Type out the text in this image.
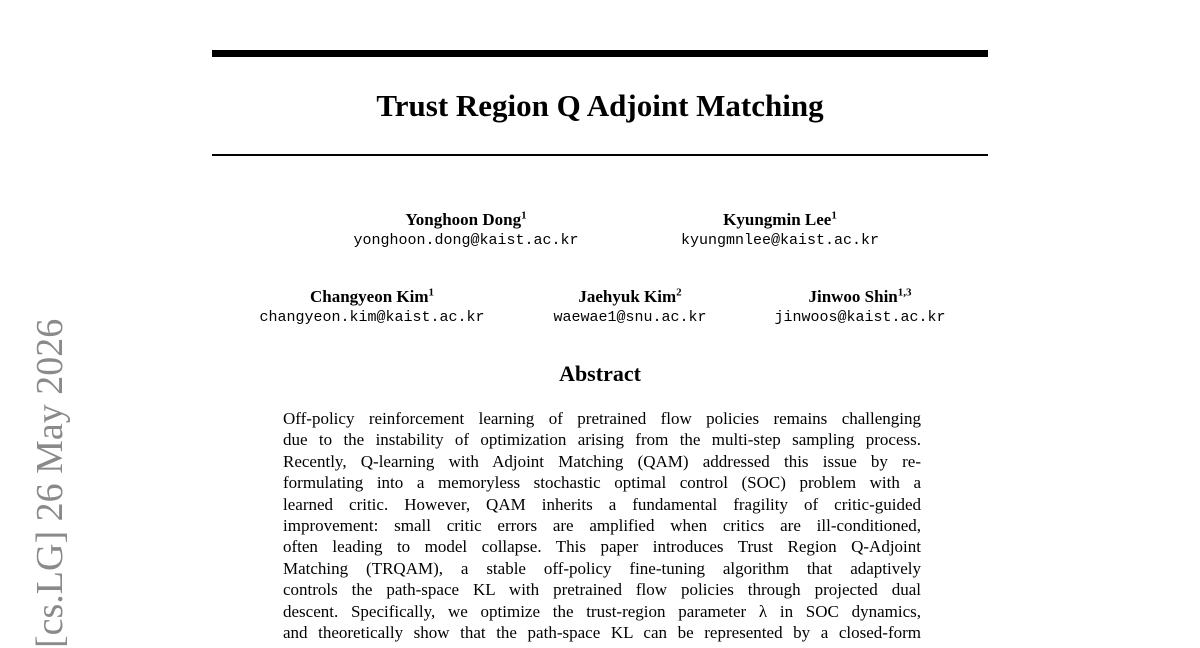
Trust Region Q Adjoint Matching
Yonghoon Dong$^1$
yonghoon.dong@kaist.ac.kr
Kyungmin Lee$^1$
kyungmnlee@kaist.ac.kr
Changyeon Kim$^1$
changyeon.kim@kaist.ac.kr
Jaehyuk Kim$^2$
waewae1@snu.ac.kr
Jinwoo Shin$^{1,3}$
jinwoos@kaist.ac.kr
Abstract
Off-policy reinforcement learning of pretrained flow policies remains challenging
due to the instability of optimization arising from the multi-step sampling process.
Recently, Q-learning with Adjoint Matching (QAM) addressed this issue by re-
formulating into a memoryless stochastic optimal control (SOC) problem with a
learned critic. However, QAM inherits a fundamental fragility of critic-guided
improvement: small critic errors are amplified when critics are ill-conditioned,
often leading to model collapse. This paper introduces Trust Region Q-Adjoint
Matching (TRQAM), a stable off-policy fine-tuning algorithm that adaptively
controls the path-space KL with pretrained flow policies through projected dual
descent. Specifically, we optimize the trust-region parameter λ in SOC dynamics,
and theoretically show that the path-space KL can be represented by a closed-form
[cs.LG] 26 May 2026
